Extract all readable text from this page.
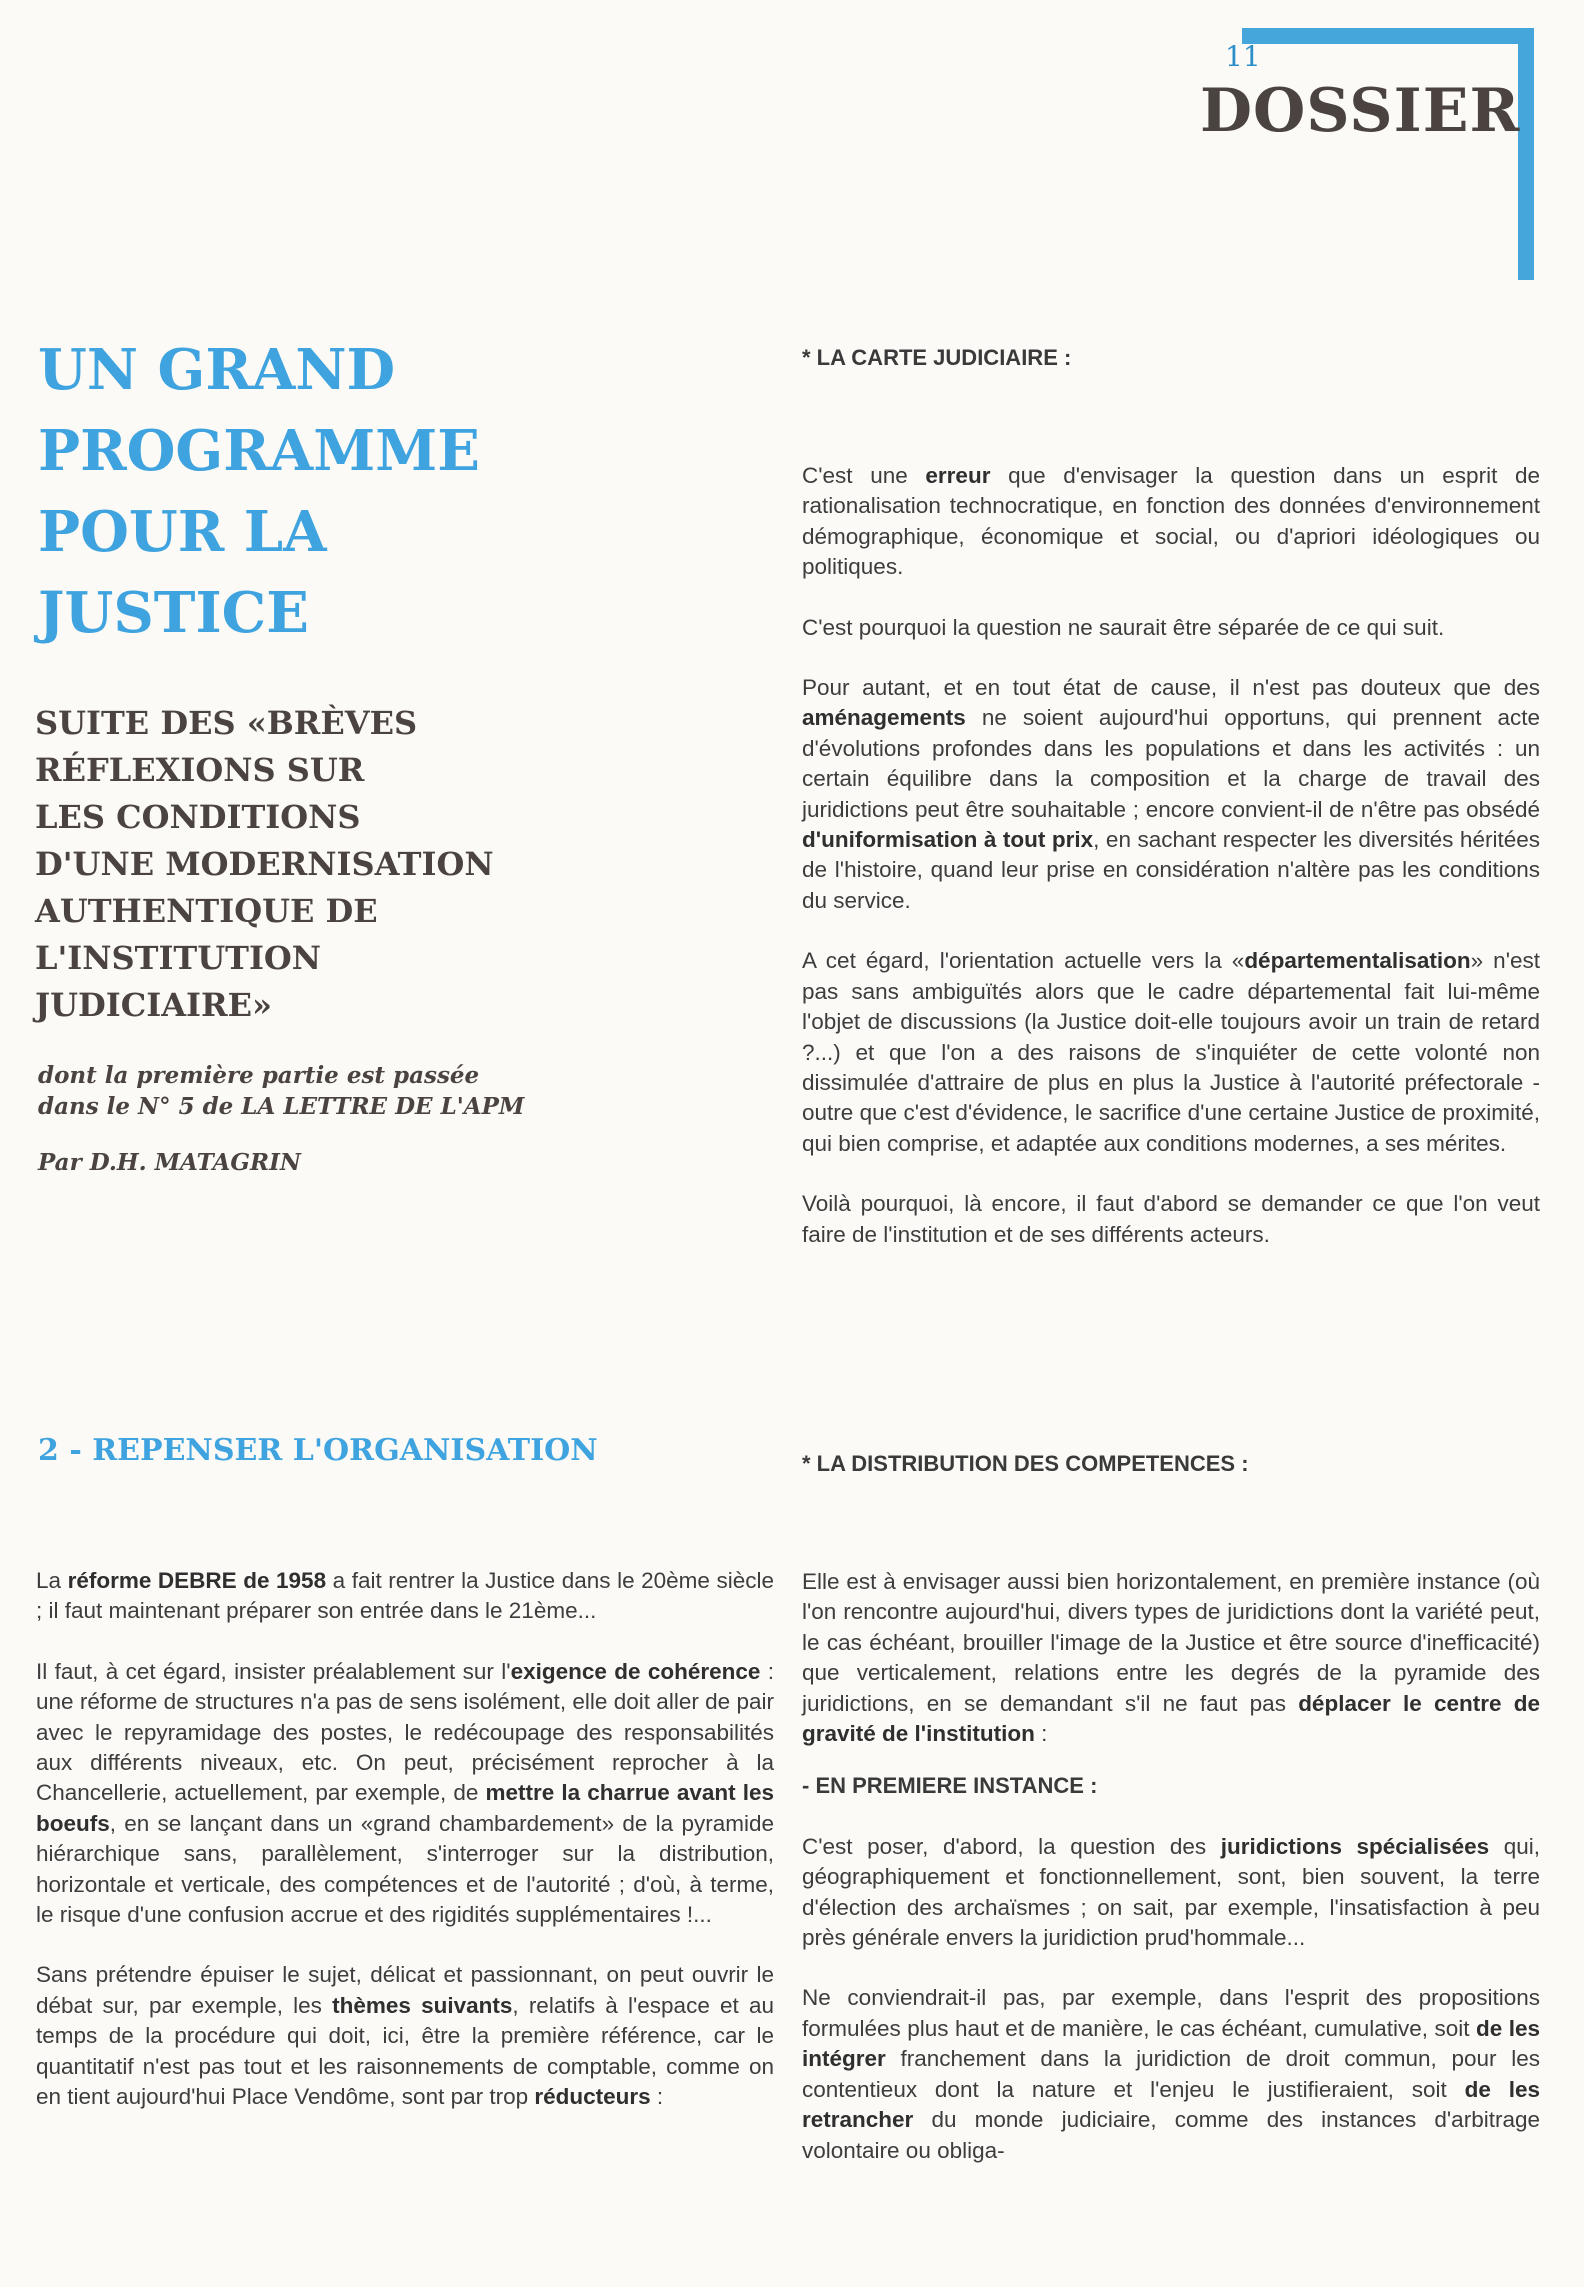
11
DOSSIER
UN GRAND
PROGRAMME
POUR LA
JUSTICE
SUITE DES «BRÈVES
RÉFLEXIONS SUR
LES CONDITIONS
D'UNE MODERNISATION
AUTHENTIQUE DE
L'INSTITUTION
JUDICIAIRE»
dont la première partie est passée
dans le N° 5 de LA LETTRE DE L'APM
Par D.H. MATAGRIN
2 - REPENSER L'ORGANISATION

La réforme DEBRE de 1958 a fait rentrer la Justice dans le 20ème siècle ; il faut maintenant préparer son entrée dans le 21ème...

Il faut, à cet égard, insister préalablement sur l'exigence de cohérence : une réforme de structures n'a pas de sens isolément, elle doit aller de pair avec le repyramidage des postes, le redécoupage des responsabilités aux différents niveaux, etc. On peut, précisément reprocher à la Chancellerie, actuellement, par exemple, de mettre la charrue avant les boeufs, en se lançant dans un «grand chambardement» de la pyramide hiérarchique sans, parallèlement, s'interroger sur la distribution, horizontale et verticale, des compétences et de l'autorité ; d'où, à terme, le risque d'une confusion accrue et des rigidités supplémentaires !...

Sans prétendre épuiser le sujet, délicat et passionnant, on peut ouvrir le débat sur, par exemple, les thèmes suivants, relatifs à l'espace et au temps de la procédure qui doit, ici, être la première référence, car le quantitatif n'est pas tout et les raisonnements de comptable, comme on en tient aujourd'hui Place Vendôme, sont par trop réducteurs :

* LA CARTE JUDICIAIRE :

C'est une erreur que d'envisager la question dans un esprit de rationalisation technocratique, en fonction des données d'environnement démographique, économique et social, ou d'apriori idéologiques ou politiques.

C'est pourquoi la question ne saurait être séparée de ce qui suit.

Pour autant, et en tout état de cause, il n'est pas douteux que des aménagements ne soient aujourd'hui opportuns, qui prennent acte d'évolutions profondes dans les populations et dans les activités : un certain équilibre dans la composition et la charge de travail des juridictions peut être souhaitable ; encore convient-il de n'être pas obsédé d'uniformisation à tout prix, en sachant respecter les diversités héritées de l'histoire, quand leur prise en considération n'altère pas les conditions du service.

A cet égard, l'orientation actuelle vers la «départementalisation» n'est pas sans ambiguïtés alors que le cadre départemental fait lui-même l'objet de discussions (la Justice doit-elle toujours avoir un train de retard ?...) et que l'on a des raisons de s'inquiéter de cette volonté non dissimulée d'attraire de plus en plus la Justice à l'autorité préfectorale - outre que c'est d'évidence, le sacrifice d'une certaine Justice de proximité, qui bien comprise, et adaptée aux conditions modernes, a ses mérites.

Voilà pourquoi, là encore, il faut d'abord se demander ce que l'on veut faire de l'institution et de ses différents acteurs.

* LA DISTRIBUTION DES COMPETENCES :

Elle est à envisager aussi bien horizontalement, en première instance (où l'on rencontre aujourd'hui, divers types de juridictions dont la variété peut, le cas échéant, brouiller l'image de la Justice et être source d'inefficacité) que verticalement, relations entre les degrés de la pyramide des juridictions, en se demandant s'il ne faut pas déplacer le centre de gravité de l'institution :

- EN PREMIERE INSTANCE :

C'est poser, d'abord, la question des juridictions spécialisées qui, géographiquement et fonctionnellement, sont, bien souvent, la terre d'élection des archaïsmes ; on sait, par exemple, l'insatisfaction à peu près générale envers la juridiction prud'hommale...

Ne conviendrait-il pas, par exemple, dans l'esprit des propositions formulées plus haut et de manière, le cas échéant, cumulative, soit de les intégrer franchement dans la juridiction de droit commun, pour les contentieux dont la nature et l'enjeu le justifieraient, soit de les retrancher du monde judiciaire, comme des instances d'arbitrage volontaire ou obliga-
